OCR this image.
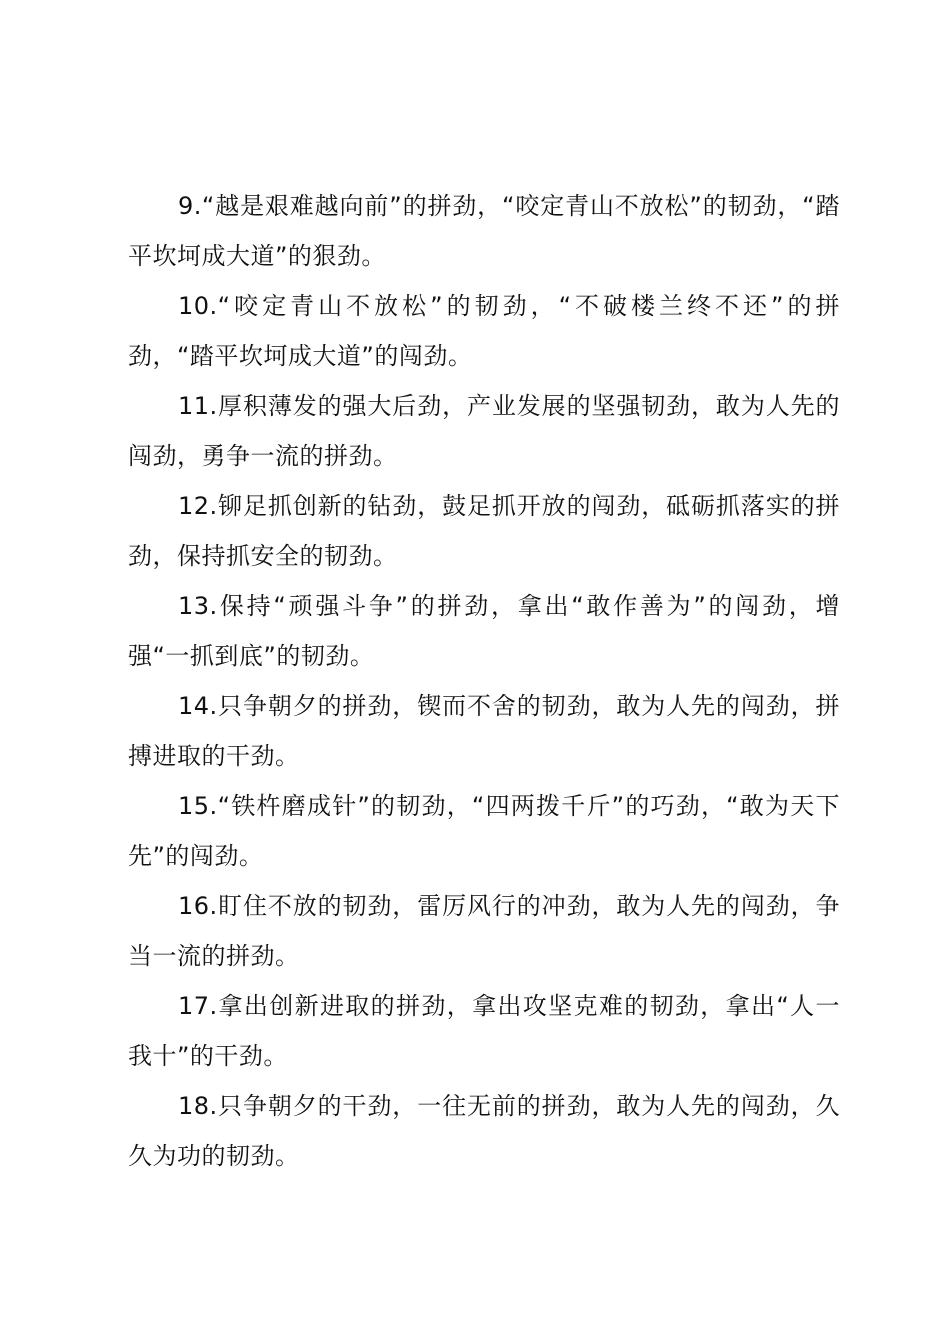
9.“越是艰难越向前”的拼劲，“咬定青山不放松”的韧劲，“踏平坎坷成大道”的狠劲。

10.“咬定青山不放松”的韧劲，“不破楼兰终不还”的拼劲，“踏平坎坷成大道”的闯劲。

11.厚积薄发的强大后劲，产业发展的坚强韧劲，敢为人先的闯劲，勇争一流的拼劲。

12.铆足抓创新的钻劲，鼓足抓开放的闯劲，砥砺抓落实的拼劲，保持抓安全的韧劲。

13.保持“顽强斗争”的拼劲，拿出“敢作善为”的闯劲，增强“一抓到底”的韧劲。

14.只争朝夕的拼劲，锲而不舍的韧劲，敢为人先的闯劲，拼搏进取的干劲。

15.“铁杵磨成针”的韧劲，“四两拨千斤”的巧劲，“敢为天下先”的闯劲。

16.盯住不放的韧劲，雷厉风行的冲劲，敢为人先的闯劲，争当一流的拼劲。

17.拿出创新进取的拼劲，拿出攻坚克难的韧劲，拿出“人一我十”的干劲。

18.只争朝夕的干劲，一往无前的拼劲，敢为人先的闯劲，久久为功的韧劲。
